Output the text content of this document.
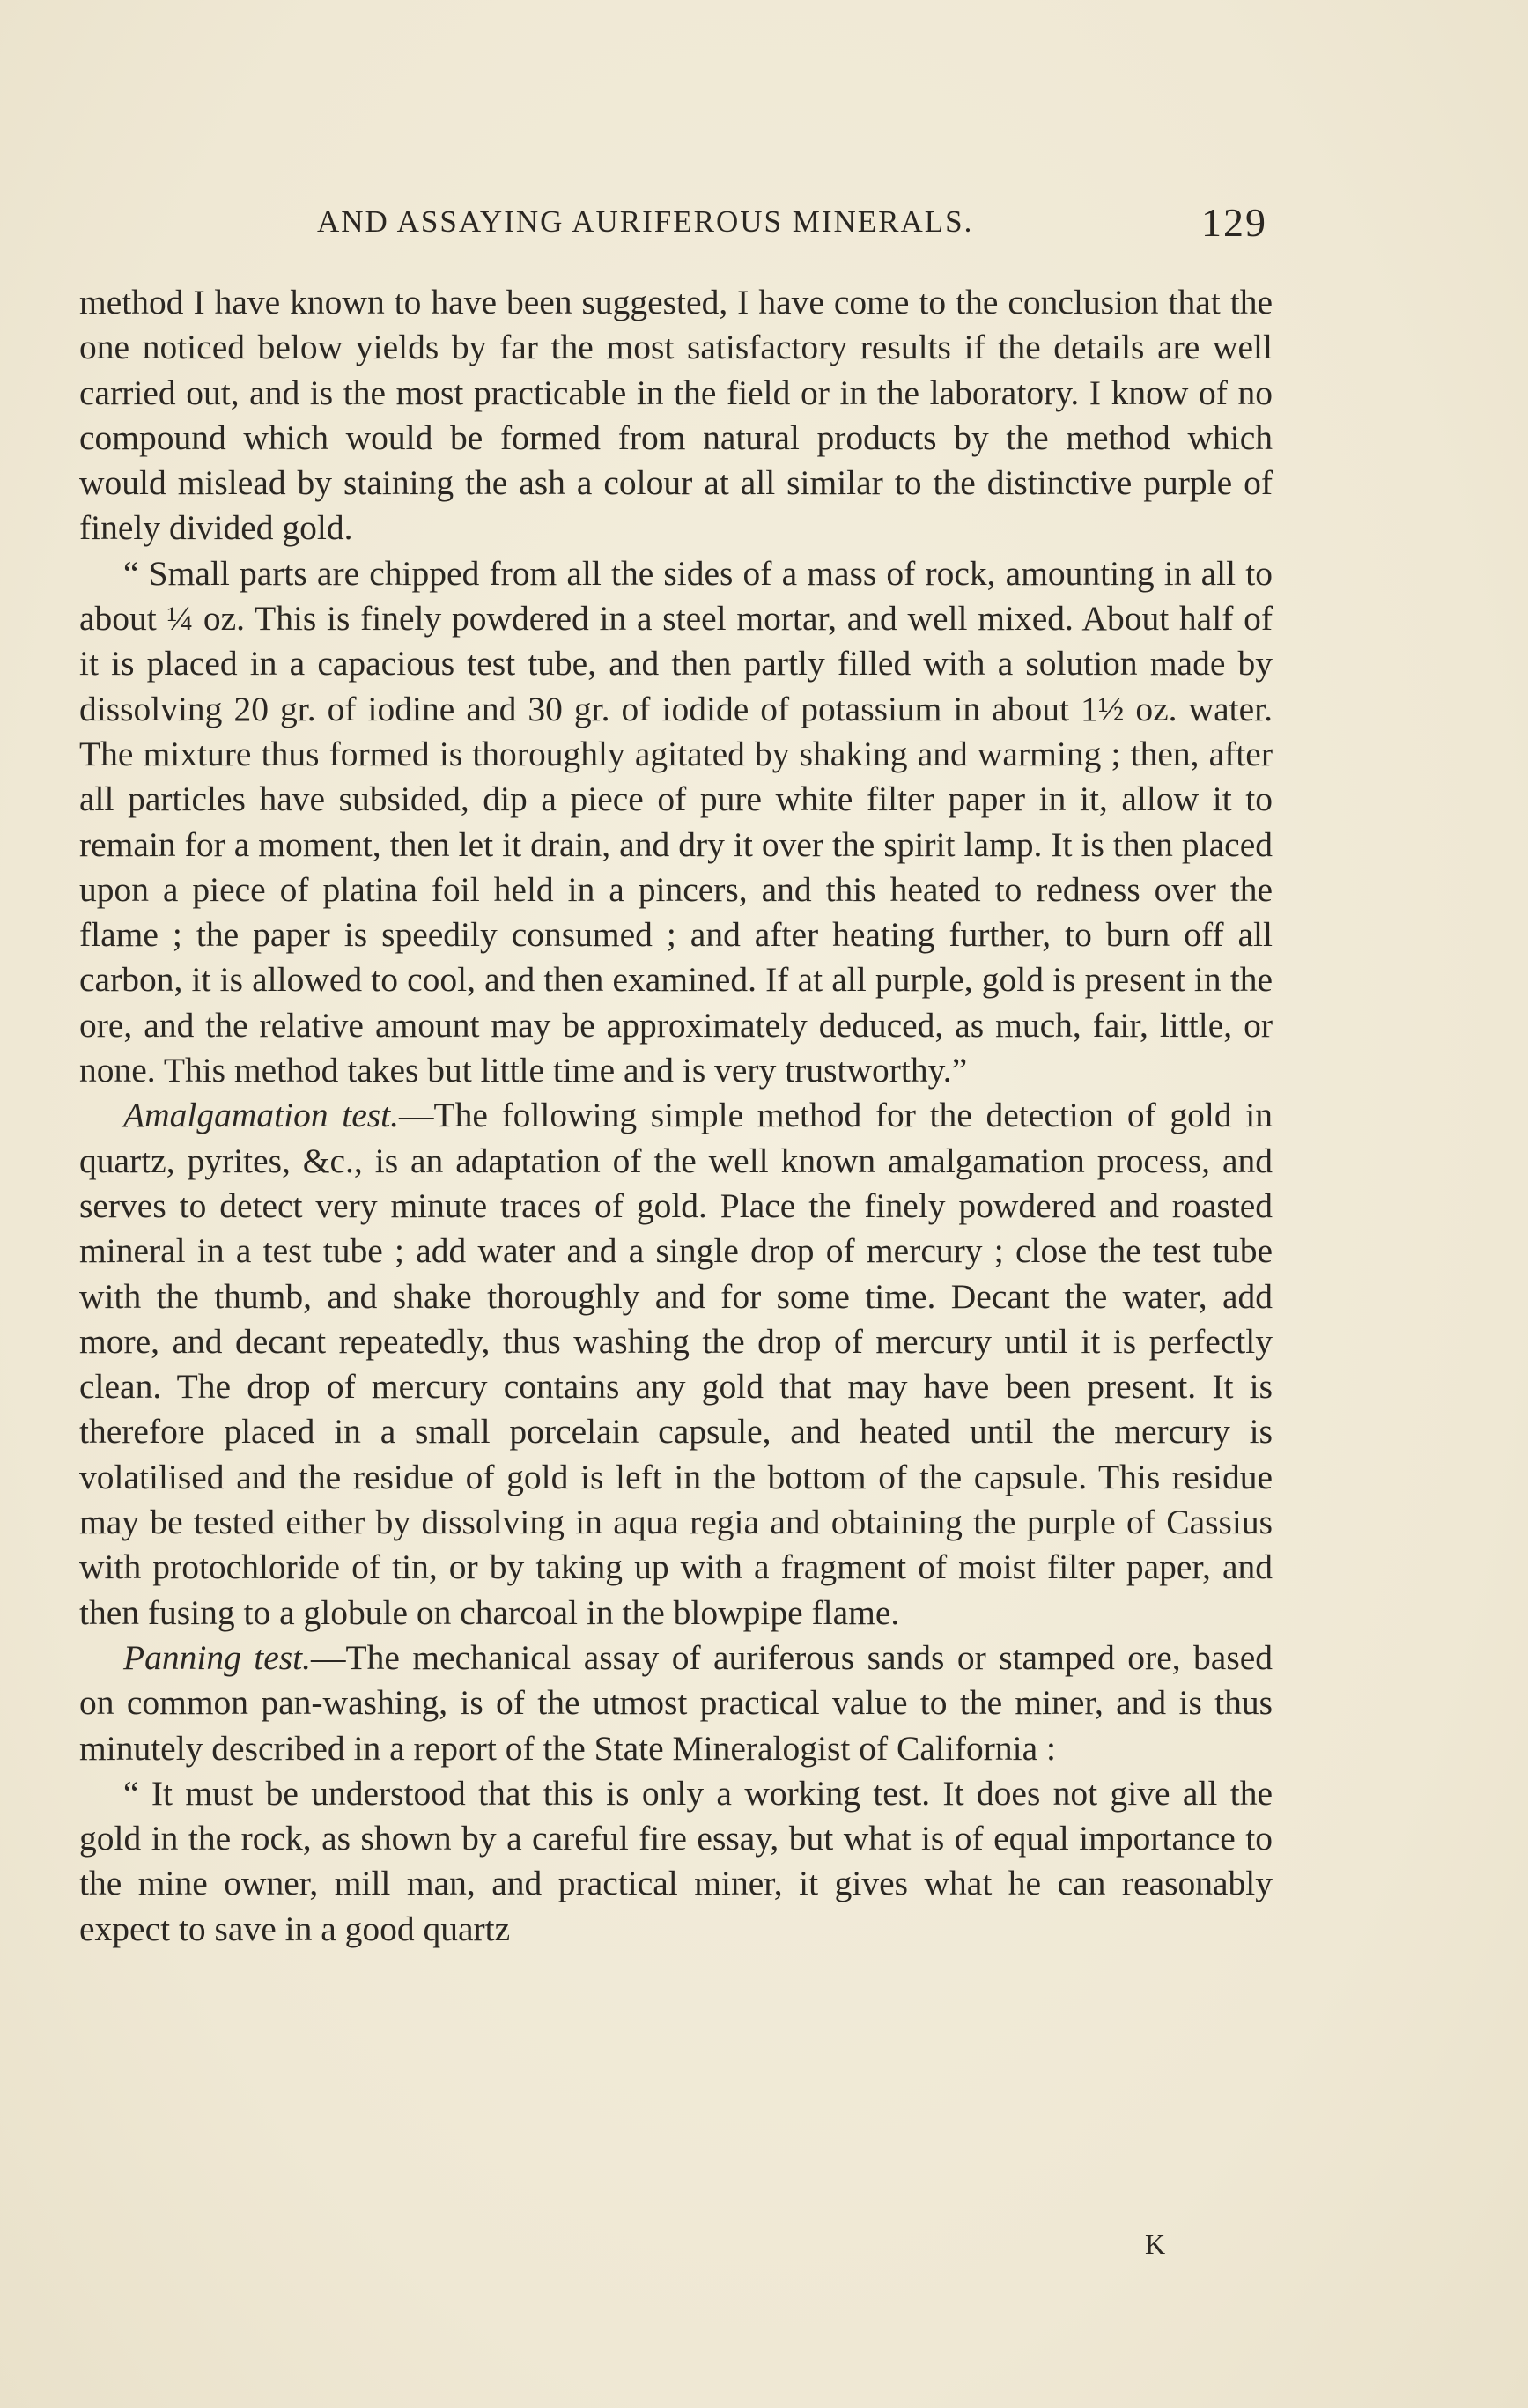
AND ASSAYING AURIFEROUS MINERALS.	129

method I have known to have been suggested, I have come to the conclusion that the one noticed below yields by far the most satisfactory results if the details are well carried out, and is the most practicable in the field or in the laboratory. I know of no compound which would be formed from natural products by the method which would mislead by staining the ash a colour at all similar to the distinctive purple of finely divided gold.

“ Small parts are chipped from all the sides of a mass of rock, amounting in all to about ¼ oz. This is finely powdered in a steel mortar, and well mixed. About half of it is placed in a capacious test tube, and then partly filled with a solution made by dissolving 20 gr. of iodine and 30 gr. of iodide of potassium in about 1½ oz. water. The mixture thus formed is thoroughly agitated by shaking and warming ; then, after all particles have subsided, dip a piece of pure white filter paper in it, allow it to remain for a moment, then let it drain, and dry it over the spirit lamp. It is then placed upon a piece of platina foil held in a pincers, and this heated to redness over the flame ; the paper is speedily consumed ; and after heating further, to burn off all carbon, it is allowed to cool, and then examined. If at all purple, gold is present in the ore, and the relative amount may be approximately deduced, as much, fair, little, or none. This method takes but little time and is very trustworthy.”

Amalgamation test.—The following simple method for the detection of gold in quartz, pyrites, &c., is an adaptation of the well known amalgamation process, and serves to detect very minute traces of gold. Place the finely powdered and roasted mineral in a test tube ; add water and a single drop of mercury ; close the test tube with the thumb, and shake thoroughly and for some time. Decant the water, add more, and decant repeatedly, thus washing the drop of mercury until it is perfectly clean. The drop of mercury contains any gold that may have been present. It is therefore placed in a small porcelain capsule, and heated until the mercury is volatilised and the residue of gold is left in the bottom of the capsule. This residue may be tested either by dissolving in aqua regia and obtaining the purple of Cassius with protochloride of tin, or by taking up with a fragment of moist filter paper, and then fusing to a globule on charcoal in the blowpipe flame.

Panning test.—The mechanical assay of auriferous sands or stamped ore, based on common pan-washing, is of the utmost practical value to the miner, and is thus minutely described in a report of the State Mineralogist of California :

“ It must be understood that this is only a working test. It does not give all the gold in the rock, as shown by a careful fire essay, but what is of equal importance to the mine owner, mill man, and practical miner, it gives what he can reasonably expect to save in a good quartz

K
